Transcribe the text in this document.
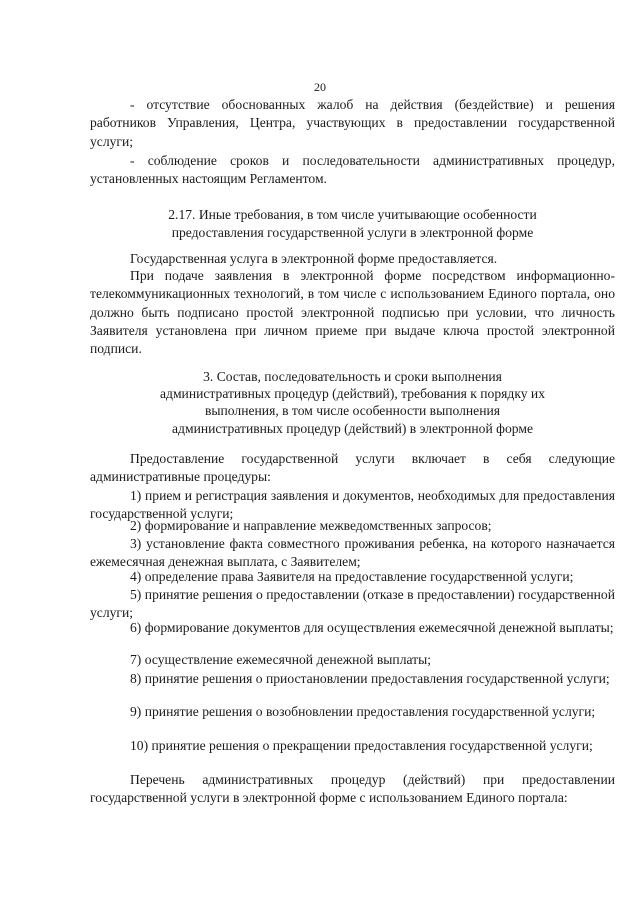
20

- отсутствие обоснованных жалоб на действия (бездействие) и решения работников Управления, Центра, участвующих в предоставлении государственной услуги;

- соблюдение сроков и последовательности административных процедур, установленных настоящим Регламентом.

2.17. Иные требования, в том числе учитывающие особенности

предоставления государственной услуги в электронной форме

Государственная услуга в электронной форме предоставляется.

При подаче заявления в электронной форме посредством информационно-телекоммуникационных технологий, в том числе с использованием Единого портала, оно должно быть подписано простой электронной подписью при условии, что личность Заявителя установлена при личном приеме при выдаче ключа простой электронной подписи.

3. Состав, последовательность и сроки выполнения

административных процедур (действий), требования к порядку их

выполнения, в том числе особенности выполнения

административных процедур (действий) в электронной форме

Предоставление государственной услуги включает в себя следующие административные процедуры:

1) прием и регистрация заявления и документов, необходимых для предоставления государственной услуги;

2) формирование и направление межведомственных запросов;

3) установление факта совместного проживания ребенка, на которого назначается ежемесячная денежная выплата, с Заявителем;

4) определение права Заявителя на предоставление государственной услуги;

5) принятие решения о предоставлении (отказе в предоставлении) государственной услуги;

6) формирование документов для осуществления ежемесячной денежной выплаты;

7) осуществление ежемесячной денежной выплаты;

8) принятие решения о приостановлении предоставления государственной услуги;

9) принятие решения о возобновлении предоставления государственной услуги;

10) принятие решения о прекращении предоставления государственной услуги;

Перечень административных процедур (действий) при предоставлении государственной услуги в электронной форме с использованием Единого портала:
